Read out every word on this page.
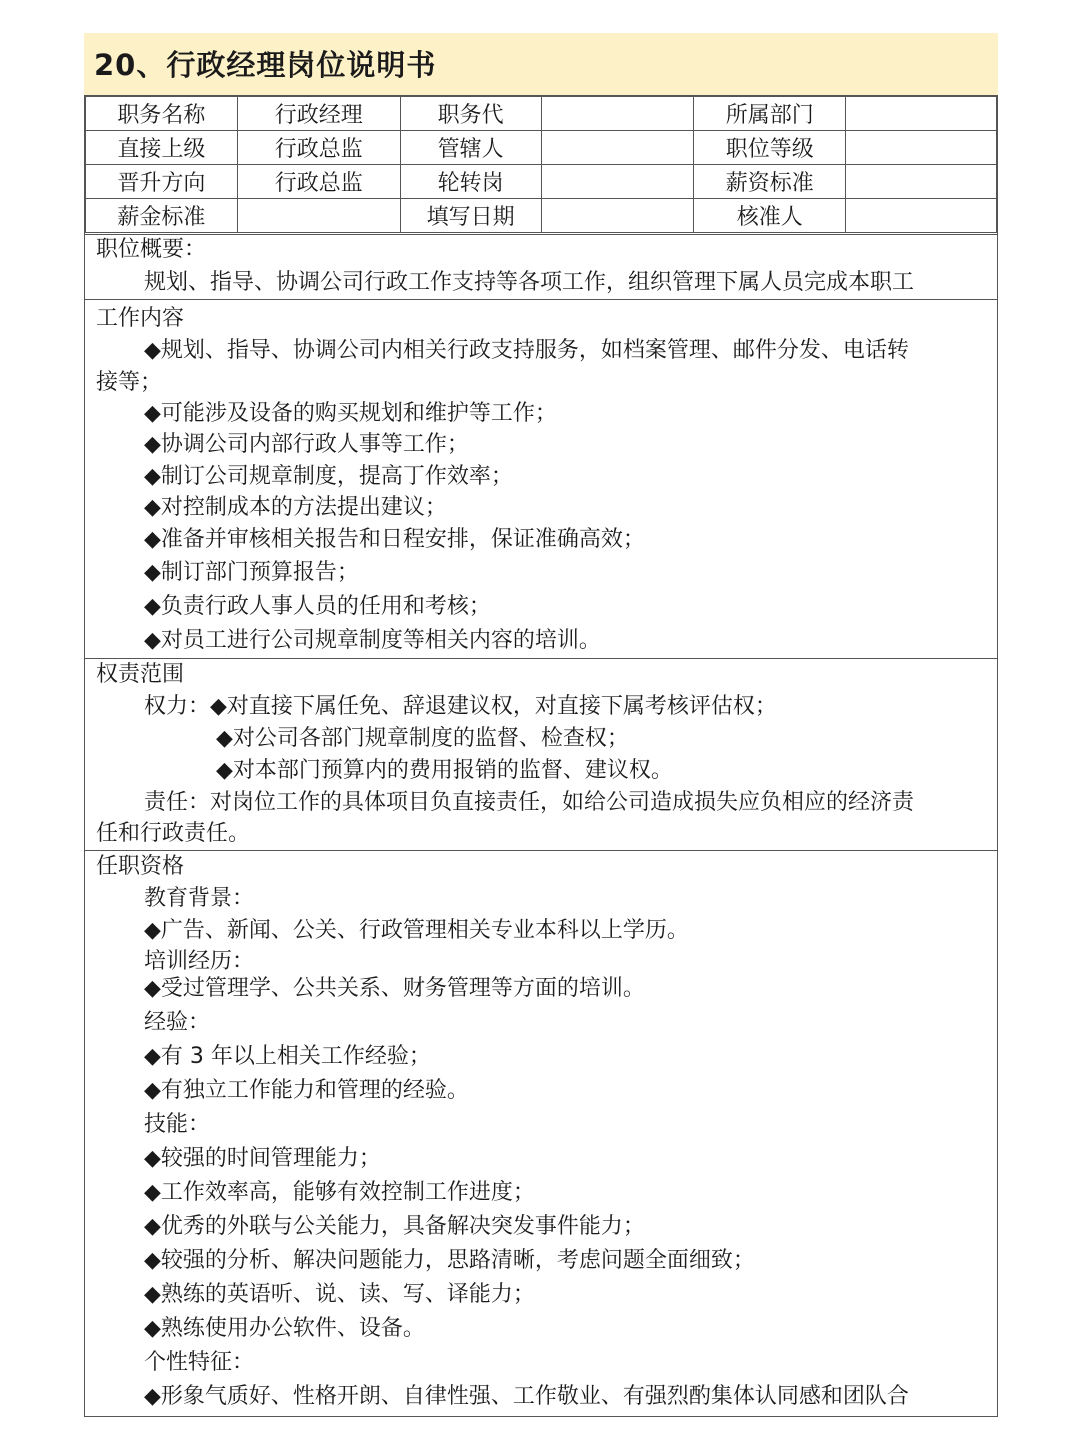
20、行政经理岗位说明书
职务名称	行政经理	职务代		所属部门	
直接上级	行政总监	管辖人		职位等级	
晋升方向	行政总监	轮转岗		薪资标准	
薪金标准		填写日期		核准人	
职位概要：
规划、指导、协调公司行政工作支持等各项工作，组织管理下属人员完成本职工
工作内容
◆规划、指导、协调公司内相关行政支持服务，如档案管理、邮件分发、电话转
接等；
◆可能涉及设备的购买规划和维护等工作；
◆协调公司内部行政人事等工作；
◆制订公司规章制度，提高丁作效率；
◆对控制成本的方法提出建议；
◆准备并审核相关报告和日程安排，保证准确高效；
◆制订部门预算报告；
◆负责行政人事人员的任用和考核；
◆对员工进行公司规章制度等相关内容的培训。
权责范围
权力：◆对直接下属任免、辞退建议权，对直接下属考核评估权；
◆对公司各部门规章制度的监督、检查权；
◆对本部门预算内的费用报销的监督、建议权。
责任：对岗位工作的具体项目负直接责任，如给公司造成损失应负相应的经济责
任和行政责任。
任职资格
教育背景：
◆广告、新闻、公关、行政管理相关专业本科以上学历。
培训经历：
◆受过管理学、公共关系、财务管理等方面的培训。
经验：
◆有 3 年以上相关工作经验；
◆有独立工作能力和管理的经验。
技能：
◆较强的时间管理能力；
◆工作效率高，能够有效控制工作进度；
◆优秀的外联与公关能力，具备解决突发事件能力；
◆较强的分析、解决问题能力，思路清晰，考虑问题全面细致；
◆熟练的英语听、说、读、写、译能力；
◆熟练使用办公软件、设备。
个性特征：
◆形象气质好、性格开朗、自律性强、工作敬业、有强烈酌集体认同感和团队合
